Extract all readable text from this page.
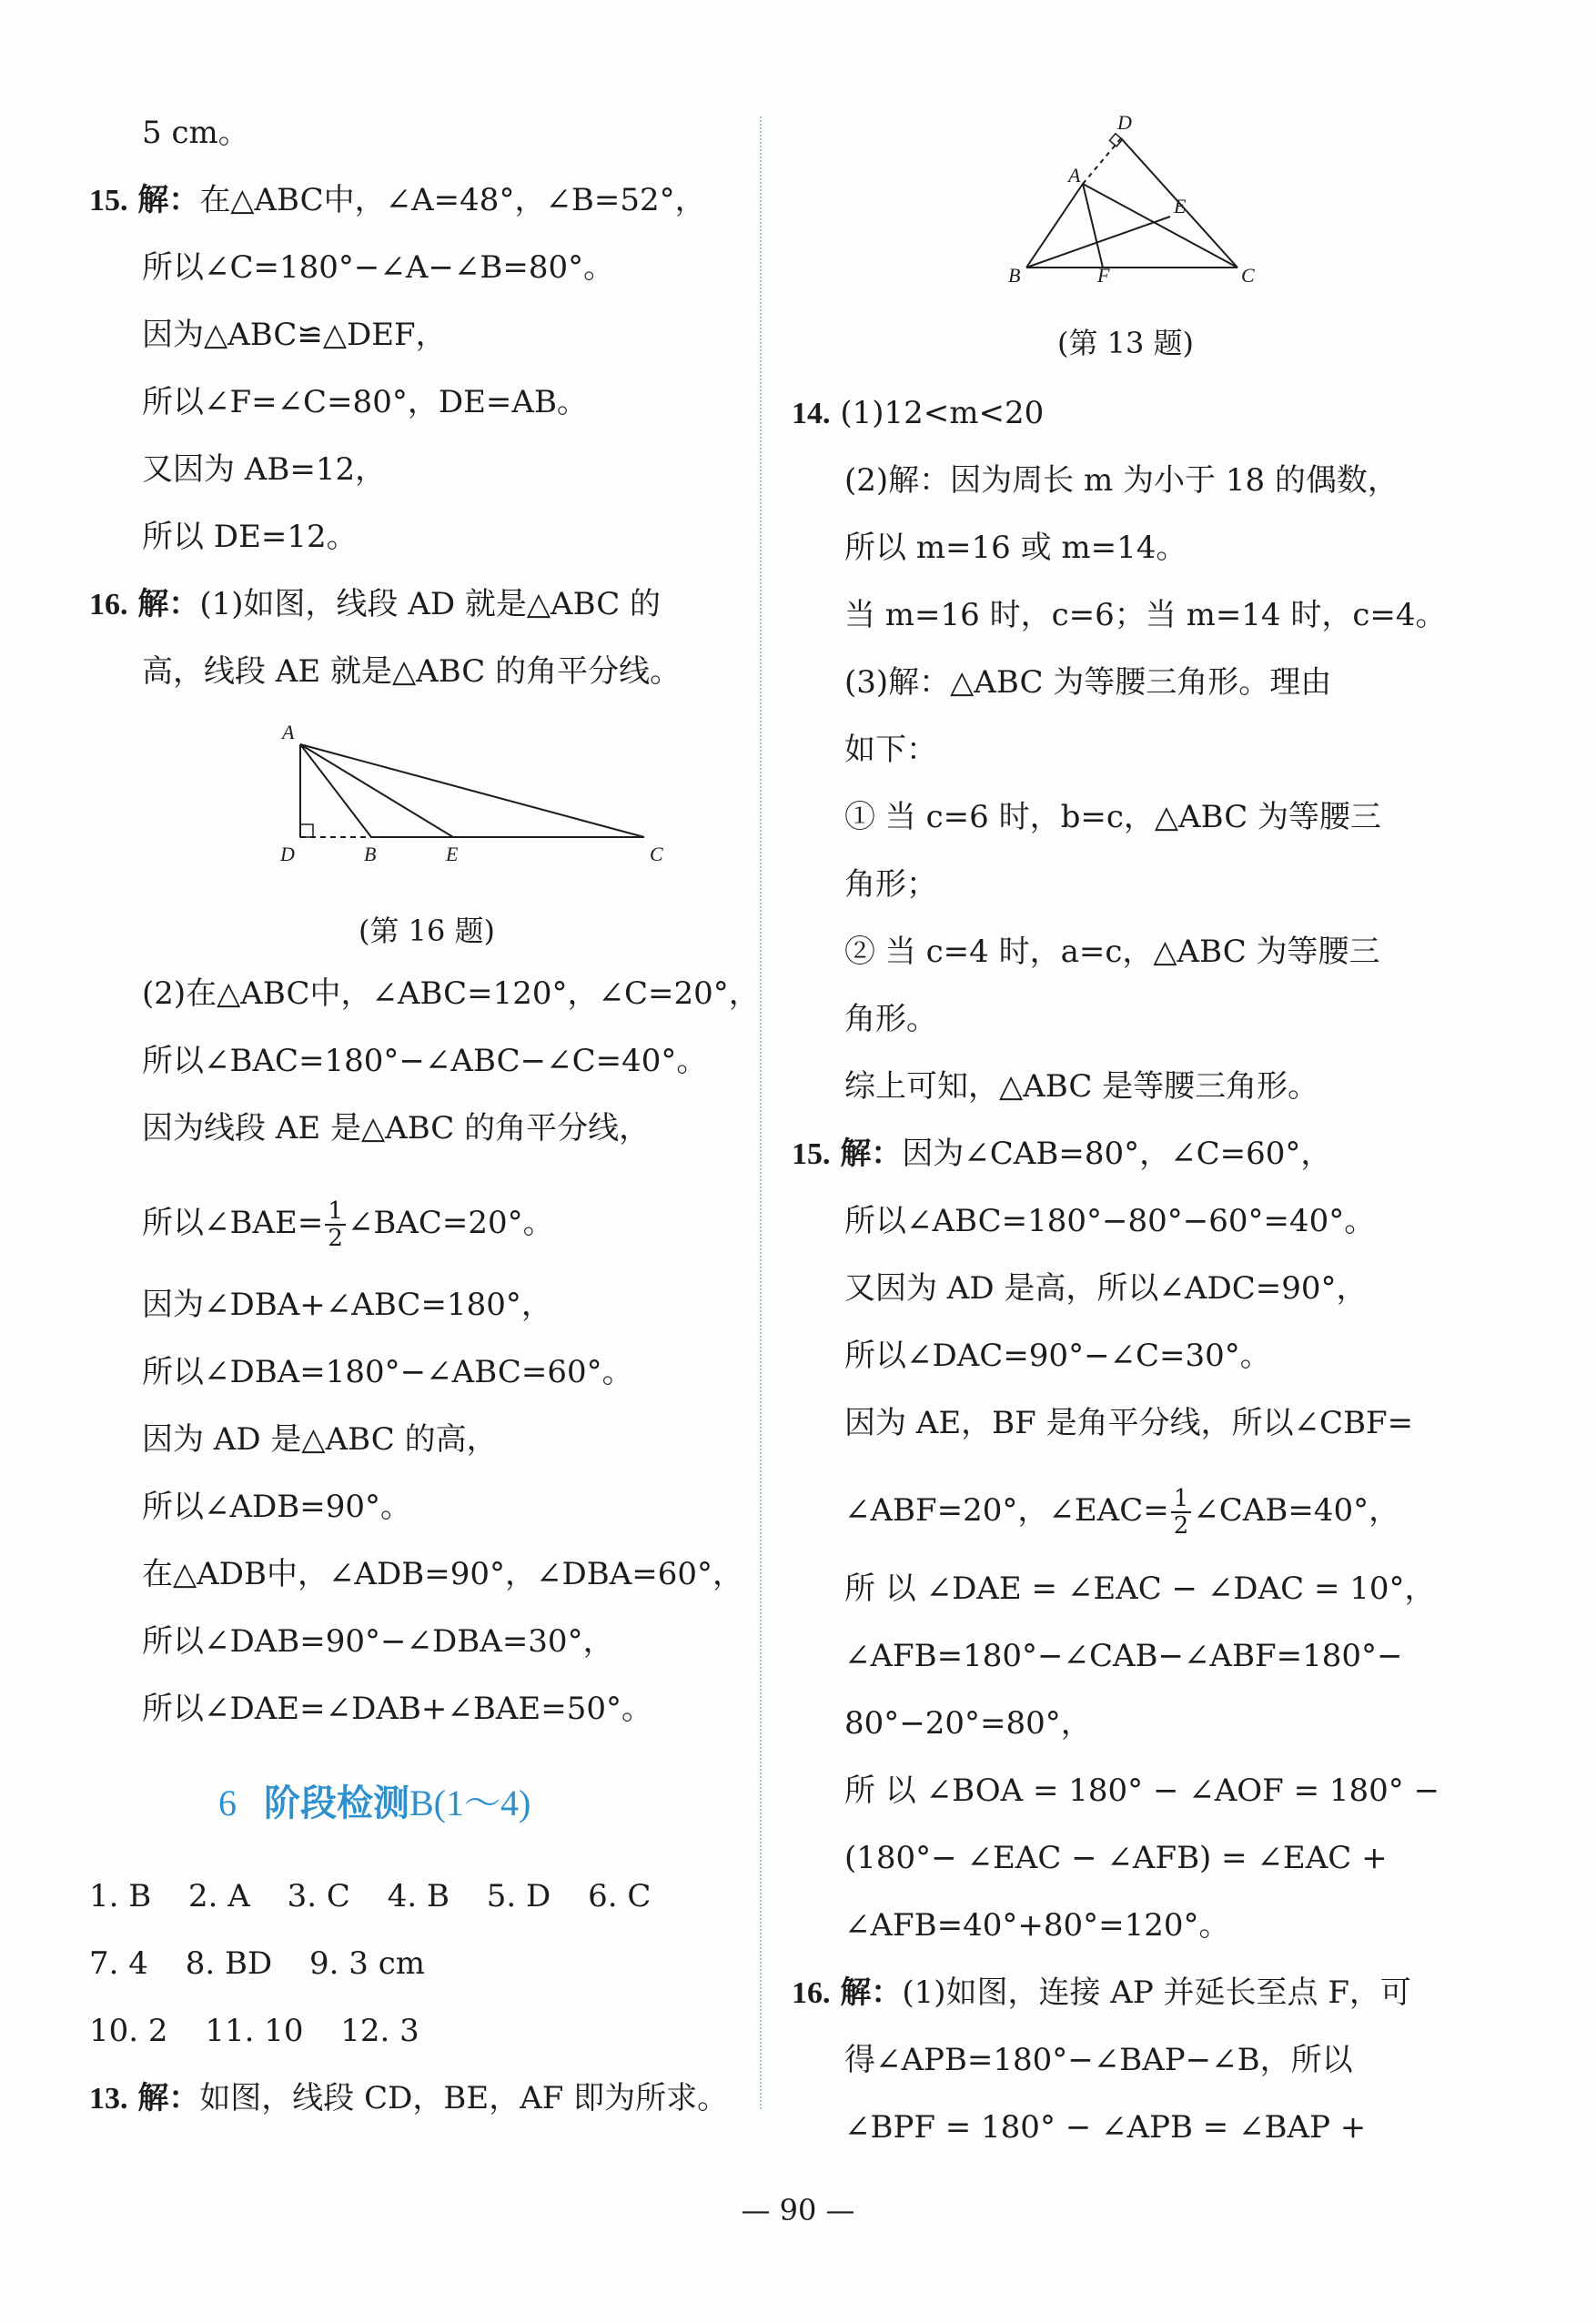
5 cm。
15. 解：在△ABC中，∠A=48°，∠B=52°，
所以∠C=180°−∠A−∠B=80°。
因为△ABC≌△DEF，
所以∠F=∠C=80°，DE=AB。
又因为 AB=12，
所以 DE=12。
16. 解：(1)如图，线段 AD 就是△ABC 的
高，线段 AE 就是△ABC 的角平分线。
A
D	B	E	C
(第 16 题)
(2)在△ABC中，∠ABC=120°，∠C=20°，
所以∠BAC=180°−∠ABC−∠C=40°。
因为线段 AE 是△ABC 的角平分线，
所以∠BAE= $\frac{1}{2}$ ∠BAC=20°。
因为∠DBA+∠ABC=180°，
所以∠DBA=180°−∠ABC=60°。
因为 AD 是△ABC 的高，
所以∠ADB=90°。
在△ADB中，∠ADB=90°，∠DBA=60°，
所以∠DAB=90°−∠DBA=30°，
所以∠DAE=∠DAB+∠BAE=50°。
6 阶段检测B(1～4)
1. B 2. A 3. C 4. B 5. D 6. C
7. 4 8. BD 9. 3 cm
10. 2 11. 10 12. 3
13. 解：如图，线段 CD，BE，AF 即为所求。
D
A
E
B	F	C
(第 13 题)
14. (1)12<m<20
(2)解：因为周长 m 为小于 18 的偶数，
所以 m=16 或 m=14。
当 m=16 时，c=6；当 m=14 时，c=4。
(3)解：△ABC 为等腰三角形。理由
如下：
① 当 c=6 时，b=c，△ABC 为等腰三
角形；
② 当 c=4 时，a=c，△ABC 为等腰三
角形。
综上可知，△ABC 是等腰三角形。
15. 解：因为∠CAB=80°，∠C=60°，
所以∠ABC=180°−80°−60°=40°。
又因为 AD 是高，所以∠ADC=90°，
所以∠DAC=90°−∠C=30°。
因为 AE，BF 是角平分线，所以∠CBF=
∠ABF=20°，∠EAC= $\frac{1}{2}$ ∠CAB=40°，
所 以 ∠DAE = ∠EAC − ∠DAC = 10°，
∠AFB=180°−∠CAB−∠ABF=180°−
80°−20°=80°，
所 以 ∠BOA = 180° − ∠AOF = 180° −
(180°− ∠EAC − ∠AFB) = ∠EAC +
∠AFB=40°+80°=120°。
16. 解：(1)如图，连接 AP 并延长至点 F，可
得∠APB=180°−∠BAP−∠B，所以
∠BPF = 180° − ∠APB = ∠BAP +
— 90 —
